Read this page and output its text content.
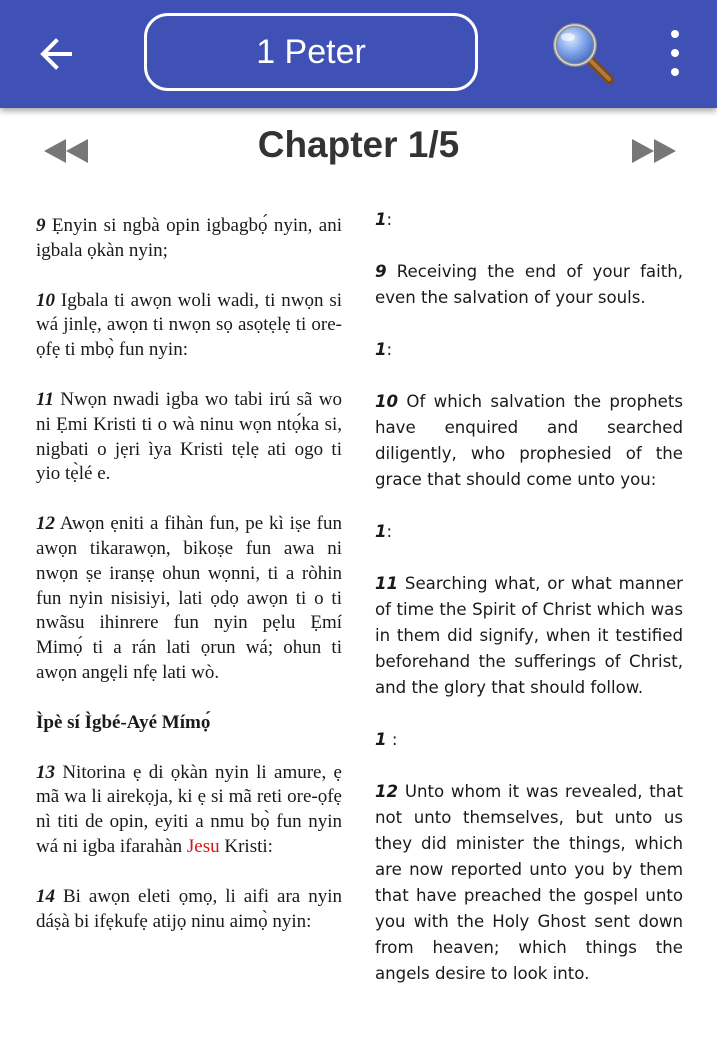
1 Peter
Chapter 1/5

9 Ẹnyin si ngbà opin igbagbọ́ nyin, ani igbala ọkàn nyin;

10 Igbala ti awọn woli wadi, ti nwọn si wá jinlẹ, awọn ti nwọn sọ asọtẹlẹ ti ore-ọfẹ ti mbọ̀ fun nyin:

11 Nwọn nwadi igba wo tabi irú sã wo ni Ẹmi Kristi ti o wà ninu wọn ntọ́ka si, nigbati o jẹri ìya Kristi tẹlẹ ati ogo ti yio tẹ̀lé e.

12 Awọn ẹniti a fihàn fun, pe kì iṣe fun awọn tikarawọn, bikoṣe fun awa ni nwọn ṣe iranṣẹ ohun wọnni, ti a ròhin fun nyin nisisiyi, lati ọdọ awọn ti o ti nwãsu ihinrere fun nyin pẹlu Ẹmí Mimọ́ ti a rán lati ọrun wá; ohun ti awọn angẹli nfẹ lati wò.

Ìpè sí Ìgbé-Ayé Mímọ́

13 Nitorina ẹ di ọkàn nyin li amure, ẹ mã wa li airekọja, ki ẹ si mã reti ore-ọfẹ nì titi de opin, eyiti a nmu bọ̀ fun nyin wá ni igba ifarahàn Jesu Kristi:

14 Bi awọn eleti ọmọ, li aifi ara nyin dáṣà bi ifẹkufẹ atijọ ninu aimọ̀ nyin:

1:

9 Receiving the end of your faith, even the salvation of your souls.

1:

10 Of which salvation the prophets have enquired and searched diligently, who prophesied of the grace that should come unto you:

1:

11 Searching what, or what manner of time the Spirit of Christ which was in them did signify, when it testified beforehand the sufferings of Christ, and the glory that should follow.

1 :

12 Unto whom it was revealed, that not unto themselves, but unto us they did minister the things, which are now reported unto you by them that have preached the gospel unto you with the Holy Ghost sent down from heaven; which things the angels desire to look into.
